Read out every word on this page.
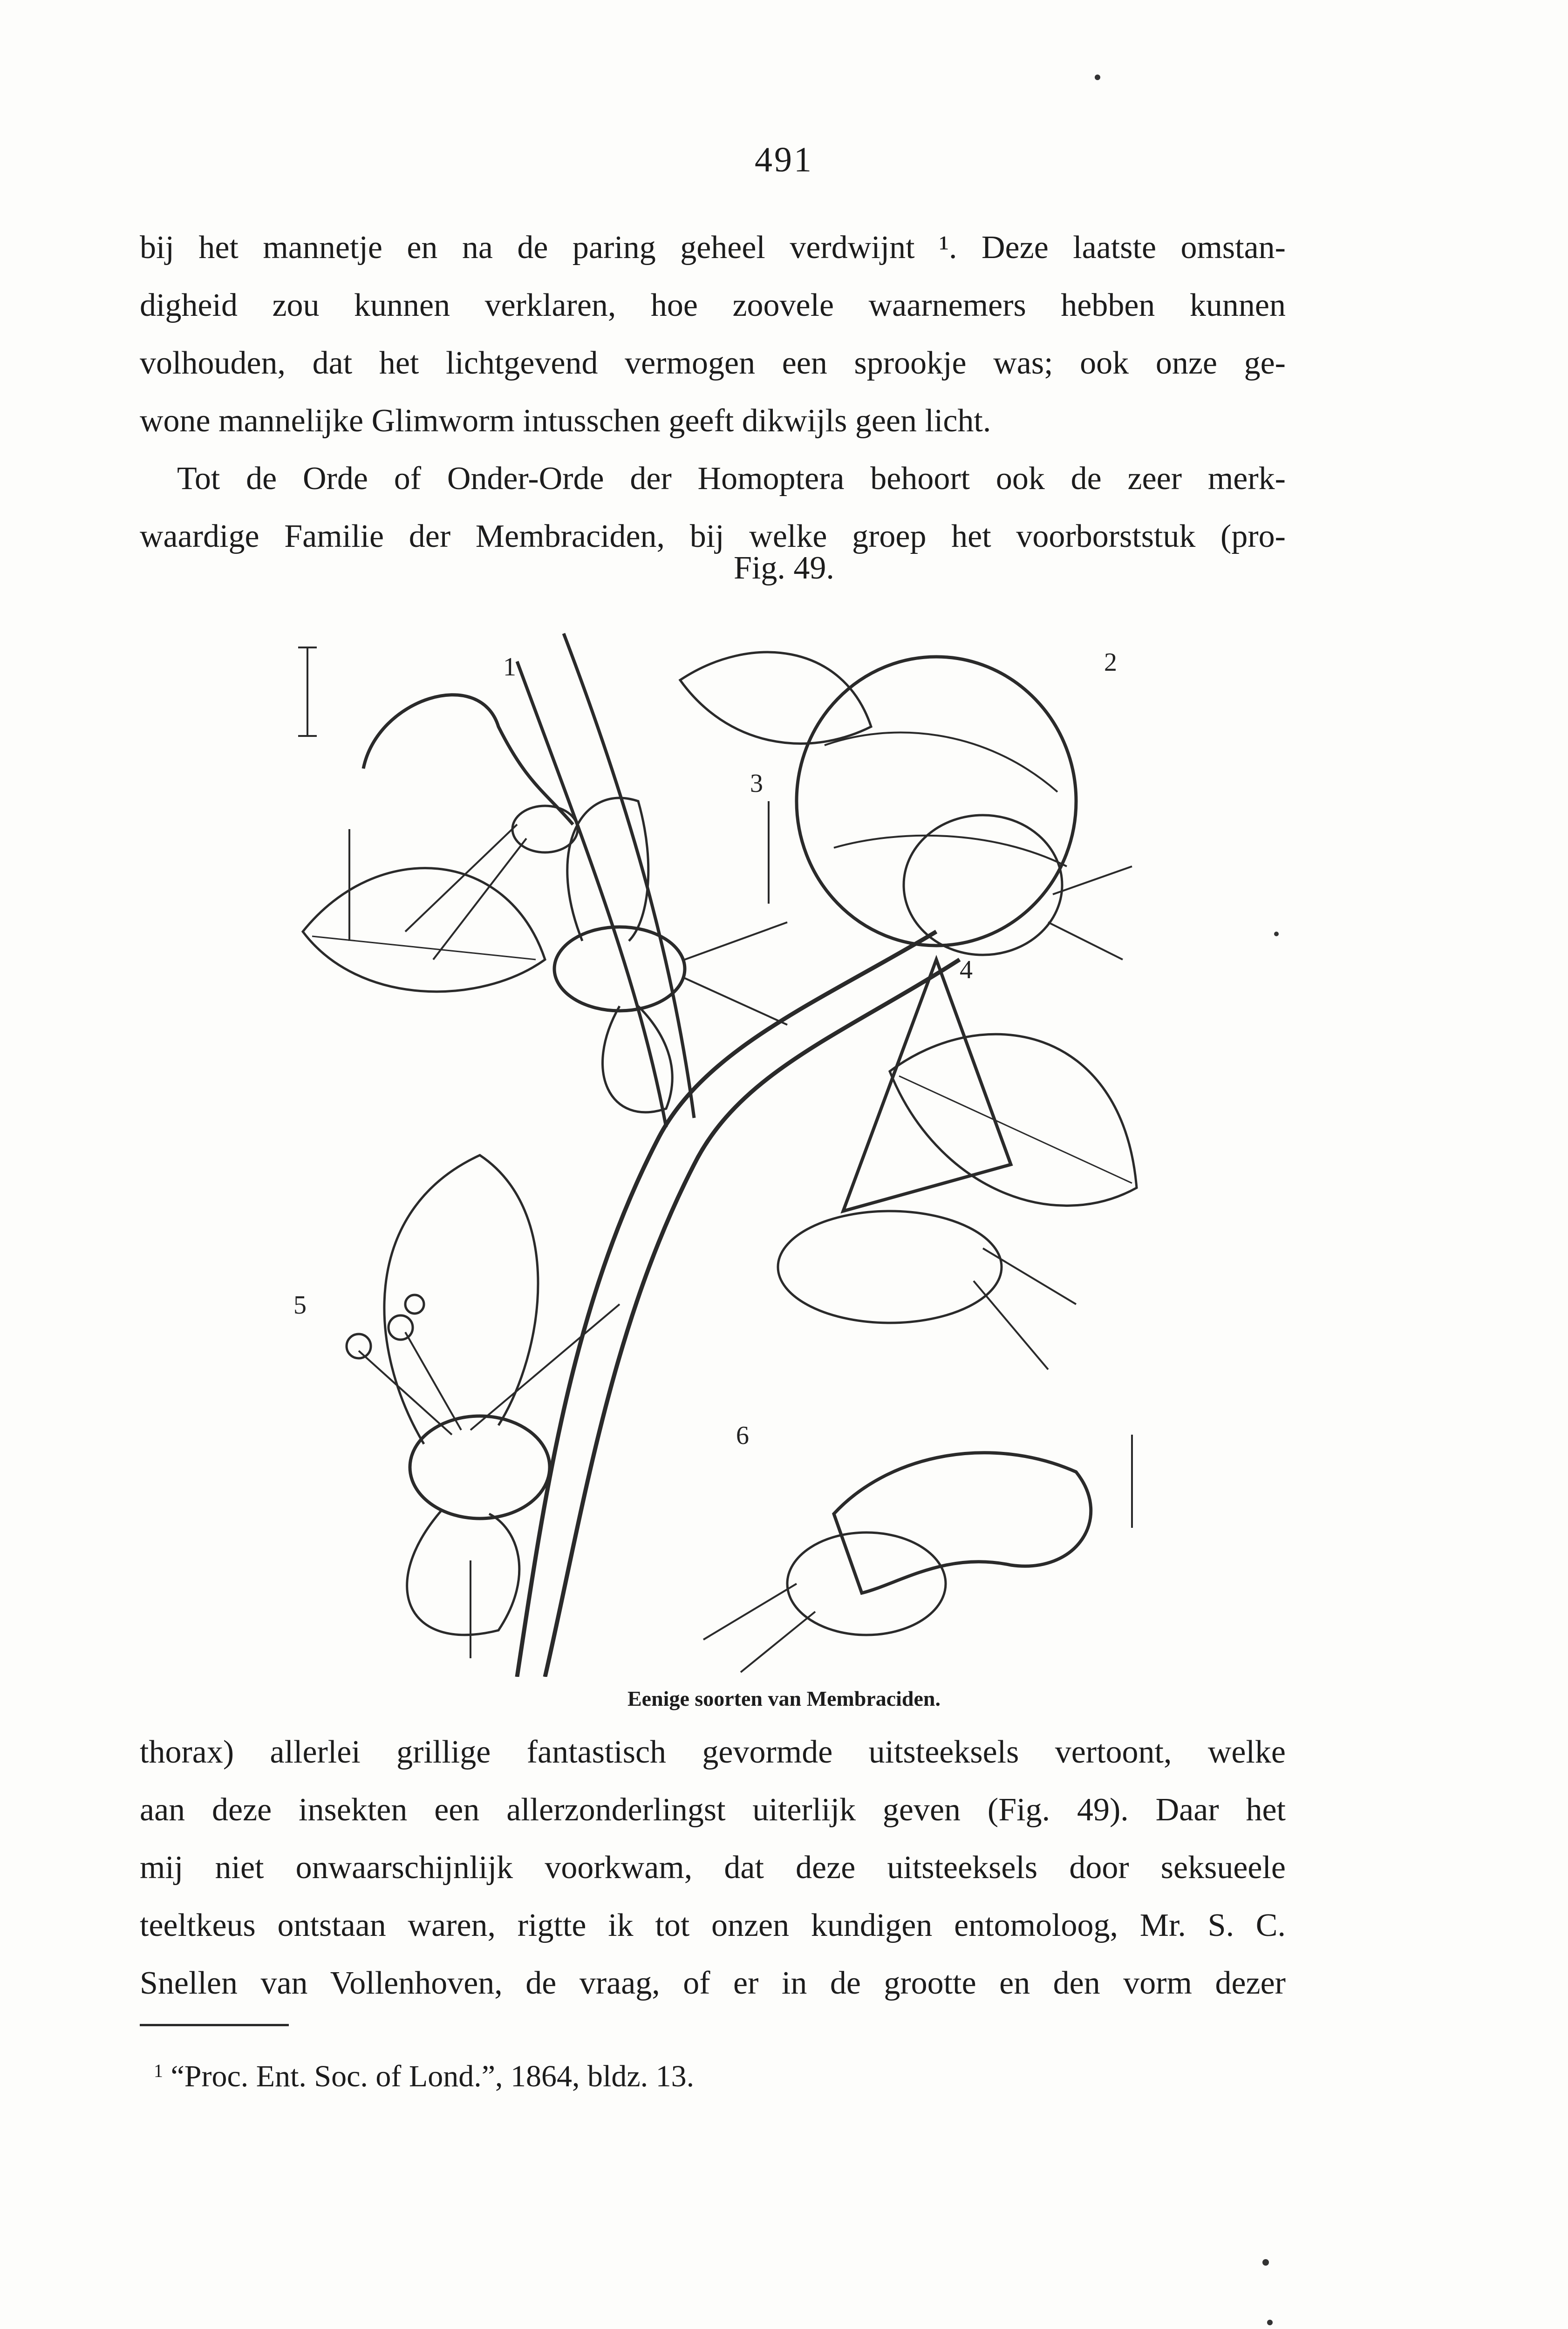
491
bij het mannetje en na de paring geheel verdwijnt ¹. Deze laatste omstan-
digheid zou kunnen verklaren, hoe zoovele waarnemers hebben kunnen
volhouden, dat het lichtgevend vermogen een sprookje was; ook onze ge-
wone mannelijke Glimworm intusschen geeft dikwijls geen licht.
Tot de Orde of Onder-Orde der Homoptera behoort ook de zeer merk-
waardige Familie der Membraciden, bij welke groep het voorborststuk (pro-
Fig. 49.
1	2
3
4
5
6
Eenige soorten van Membraciden.
thorax) allerlei grillige fantastisch gevormde uitsteeksels vertoont, welke
aan deze insekten een allerzonderlingst uiterlijk geven (Fig. 49). Daar het
mij niet onwaarschijnlijk voorkwam, dat deze uitsteeksels door seksueele
teeltkeus ontstaan waren, rigtte ik tot onzen kundigen entomoloog, Mr. S. C.
Snellen van Vollenhoven, de vraag, of er in de grootte en den vorm dezer
$^1$ “Proc. Ent. Soc. of Lond.”, 1864, bldz. 13.
